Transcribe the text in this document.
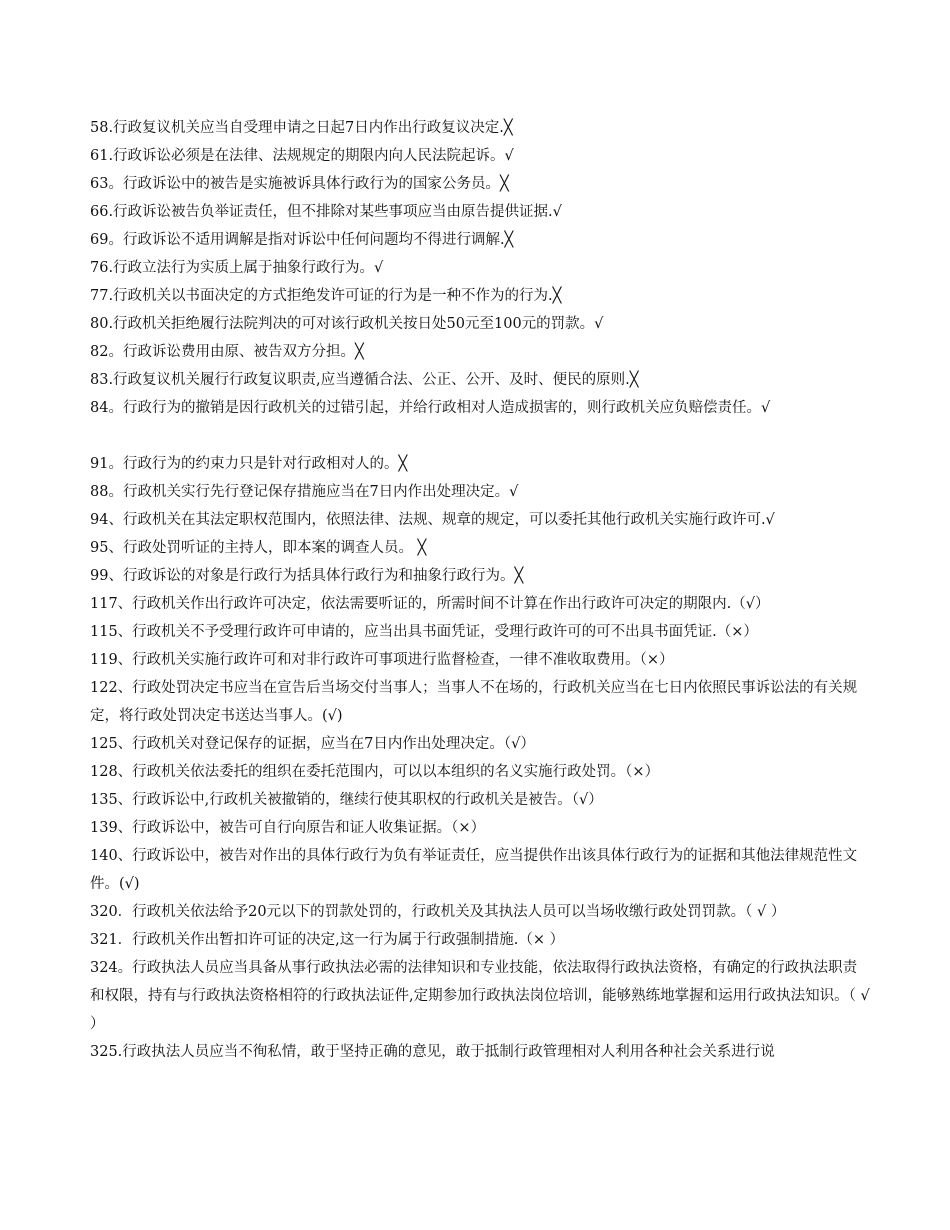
58.行政复议机关应当自受理申请之日起7日内作出行政复议决定.╳
61.行政诉讼必须是在法律、法规规定的期限内向人民法院起诉。√
63。行政诉讼中的被告是实施被诉具体行政行为的国家公务员。╳
66.行政诉讼被告负举证责任，但不排除对某些事项应当由原告提供证据.√
69。行政诉讼不适用调解是指对诉讼中任何问题均不得进行调解.╳
76.行政立法行为实质上属于抽象行政行为。√
77.行政机关以书面决定的方式拒绝发许可证的行为是一种不作为的行为.╳
80.行政机关拒绝履行法院判决的可对该行政机关按日处50元至100元的罚款。√
82。行政诉讼费用由原、被告双方分担。╳
83.行政复议机关履行行政复议职责,应当遵循合法、公正、公开、及时、便民的原则.╳
84。行政行为的撤销是因行政机关的过错引起，并给行政相对人造成损害的，则行政机关应负赔偿责任。√
91。行政行为的约束力只是针对行政相对人的。╳
88。行政机关实行先行登记保存措施应当在7日内作出处理决定。√
94、行政机关在其法定职权范围内，依照法律、法规、规章的规定，可以委托其他行政机关实施行政许可.√
95、行政处罚听证的主持人，即本案的调查人员。 ╳
99、行政诉讼的对象是行政行为括具体行政行为和抽象行政行为。╳
117、行政机关作出行政许可决定，依法需要听证的，所需时间不计算在作出行政许可决定的期限内.（√）
115、行政机关不予受理行政许可申请的，应当出具书面凭证，受理行政许可的可不出具书面凭证.（×）
119、行政机关实施行政许可和对非行政许可事项进行监督检查，一律不准收取费用。（×）
122、行政处罚决定书应当在宣告后当场交付当事人；当事人不在场的，行政机关应当在七日内依照民事诉讼法的有关规定，将行政处罚决定书送达当事人。(√)
125、行政机关对登记保存的证据，应当在7日内作出处理决定。（√）
128、行政机关依法委托的组织在委托范围内，可以以本组织的名义实施行政处罚。（×）
135、行政诉讼中,行政机关被撤销的，继续行使其职权的行政机关是被告。（√）
139、行政诉讼中，被告可自行向原告和证人收集证据。（×）
140、行政诉讼中，被告对作出的具体行政行为负有举证责任，应当提供作出该具体行政行为的证据和其他法律规范性文件。(√)
320．行政机关依法给予20元以下的罚款处罚的，行政机关及其执法人员可以当场收缴行政处罚罚款。（ √ ）
321．行政机关作出暂扣许可证的决定,这一行为属于行政强制措施.（× ）
324。行政执法人员应当具备从事行政执法必需的法律知识和专业技能，依法取得行政执法资格，有确定的行政执法职责和权限，持有与行政执法资格相符的行政执法证件,定期参加行政执法岗位培训，能够熟练地掌握和运用行政执法知识。（ √ ）
325.行政执法人员应当不徇私情，敢于坚持正确的意见，敢于抵制行政管理相对人利用各种社会关系进行说
